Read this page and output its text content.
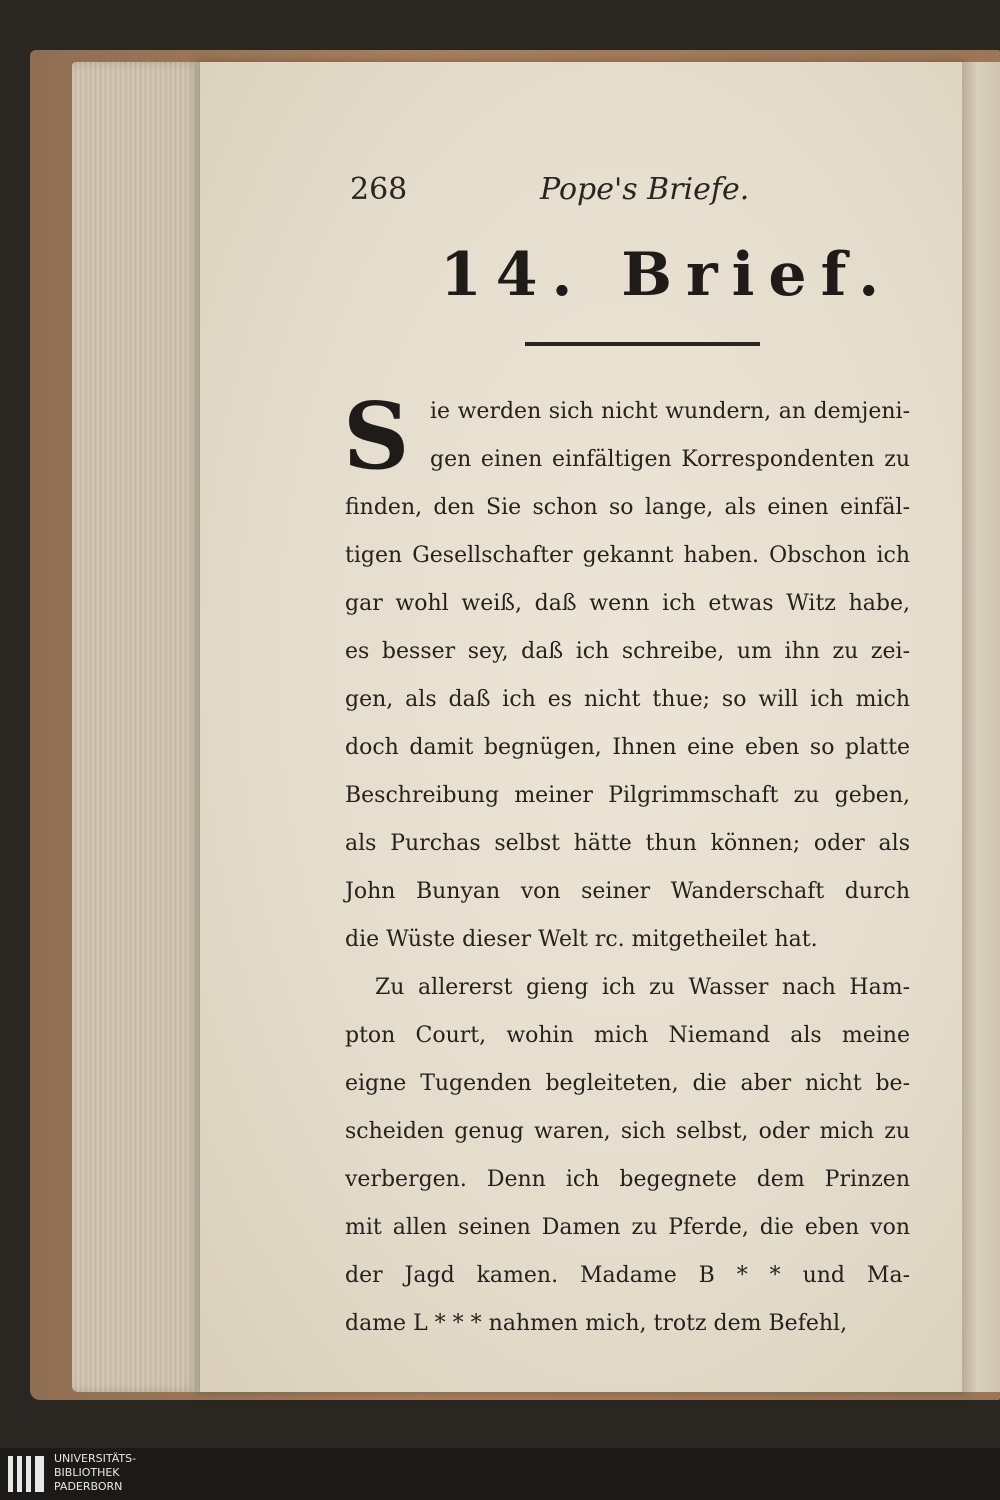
268	Pope's Briefe.
14. Brief.
S ie werden sich nicht wundern, an demjeni-
gen einen einfältigen Korrespondenten zu
finden, den Sie schon so lange, als einen einfäl-
tigen Gesellschafter gekannt haben. Obschon ich
gar wohl weiß, daß wenn ich etwas Witz habe,
es besser sey, daß ich schreibe, um ihn zu zei-
gen, als daß ich es nicht thue; so will ich mich
doch damit begnügen, Ihnen eine eben so platte
Beschreibung meiner Pilgrimmschaft zu geben,
als Purchas selbst hätte thun können; oder als
John Bunyan von seiner Wanderschaft durch
die Wüste dieser Welt rc. mitgetheilet hat.
Zu allererst gieng ich zu Wasser nach Ham-
pton Court, wohin mich Niemand als meine
eigne Tugenden begleiteten, die aber nicht be-
scheiden genug waren, sich selbst, oder mich zu
verbergen. Denn ich begegnete dem Prinzen
mit allen seinen Damen zu Pferde, die eben von
der Jagd kamen. Madame B * * und Ma-
dame L * * * nahmen mich, trotz dem Befehl,
UNIVERSITÄTS-
BIBLIOTHEK
PADERBORN
